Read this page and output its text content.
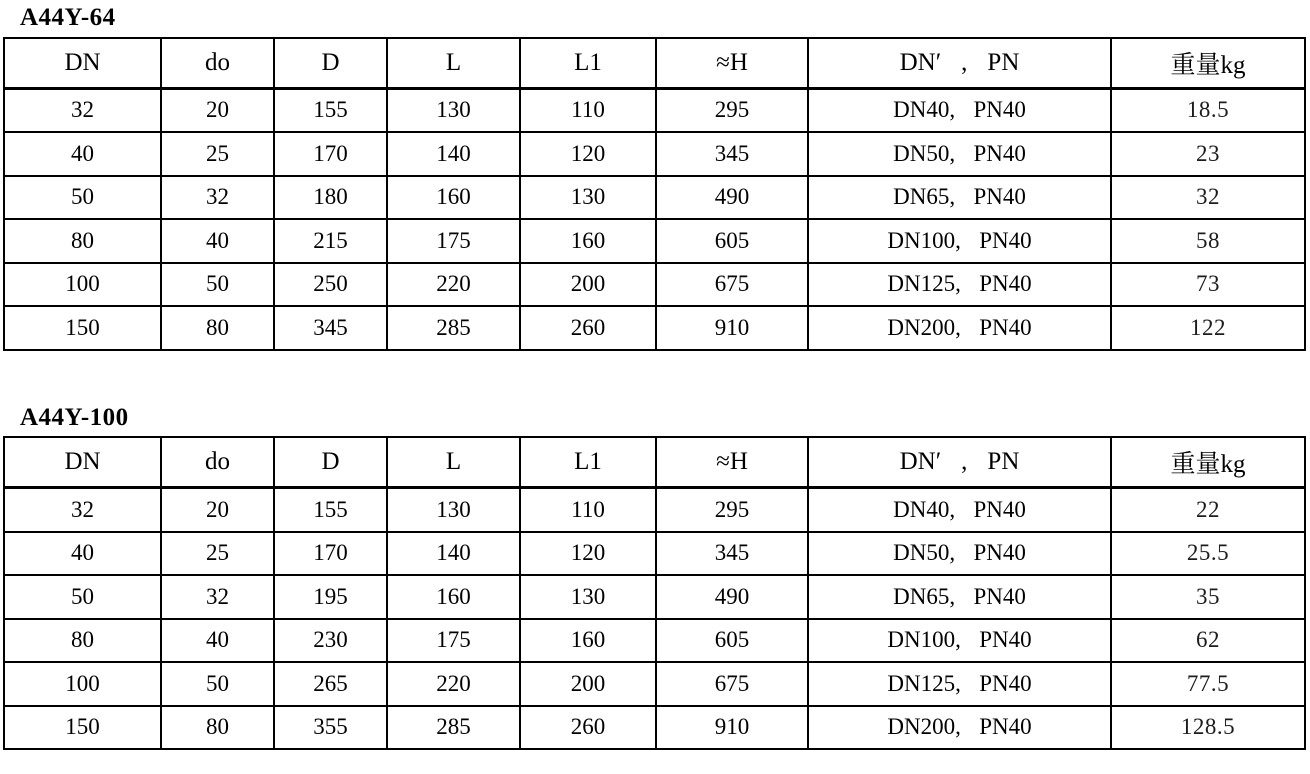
A44Y-64
DN	do	D	L	L1	≈H	DN′ , PN	重量kg
32	20	155	130	110	295	DN40, PN40	18.5
40	25	170	140	120	345	DN50, PN40	23
50	32	180	160	130	490	DN65, PN40	32
80	40	215	175	160	605	DN100, PN40	58
100	50	250	220	200	675	DN125, PN40	73
150	80	345	285	260	910	DN200, PN40	122
A44Y-100
DN	do	D	L	L1	≈H	DN′ , PN	重量kg
32	20	155	130	110	295	DN40, PN40	22
40	25	170	140	120	345	DN50, PN40	25.5
50	32	195	160	130	490	DN65, PN40	35
80	40	230	175	160	605	DN100, PN40	62
100	50	265	220	200	675	DN125, PN40	77.5
150	80	355	285	260	910	DN200, PN40	128.5
